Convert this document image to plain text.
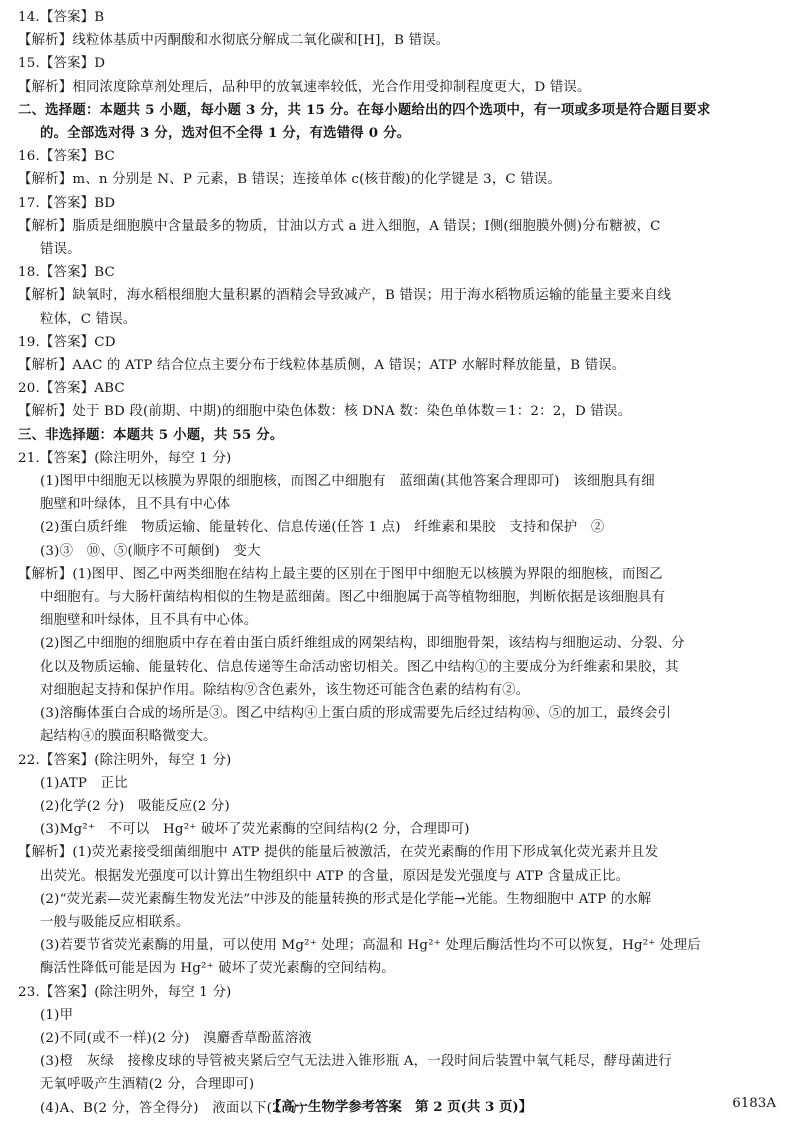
14.【答案】B
【解析】线粒体基质中丙酮酸和水彻底分解成二氧化碳和[H]，B 错误。
15.【答案】D
【解析】相同浓度除草剂处理后，品种甲的放氧速率较低，光合作用受抑制程度更大，D 错误。
二、选择题：本题共 5 小题，每小题 3 分，共 15 分。在每小题给出的四个选项中，有一项或多项是符合题目要求
的。全部选对得 3 分，选对但不全得 1 分，有选错得 0 分。
16.【答案】BC
【解析】m、n 分别是 N、P 元素，B 错误；连接单体 c(核苷酸)的化学键是 3，C 错误。
17.【答案】BD
【解析】脂质是细胞膜中含量最多的物质，甘油以方式 a 进入细胞，A 错误；Ⅰ侧(细胞膜外侧)分布糖被，C
错误。
18.【答案】BC
【解析】缺氧时，海水稻根细胞大量积累的酒精会导致减产，B 错误；用于海水稻物质运输的能量主要来自线
粒体，C 错误。
19.【答案】CD
【解析】AAC 的 ATP 结合位点主要分布于线粒体基质侧，A 错误；ATP 水解时释放能量，B 错误。
20.【答案】ABC
【解析】处于 BD 段(前期、中期)的细胞中染色体数：核 DNA 数：染色单体数＝1：2：2，D 错误。
三、非选择题：本题共 5 小题，共 55 分。
21.【答案】(除注明外，每空 1 分)
(1)图甲中细胞无以核膜为界限的细胞核，而图乙中细胞有　蓝细菌(其他答案合理即可)　该细胞具有细
胞壁和叶绿体，且不具有中心体
(2)蛋白质纤维　物质运输、能量转化、信息传递(任答 1 点)　纤维素和果胶　支持和保护　②
(3)③　⑩、⑤(顺序不可颠倒)　变大
【解析】(1)图甲、图乙中两类细胞在结构上最主要的区别在于图甲中细胞无以核膜为界限的细胞核，而图乙
中细胞有。与大肠杆菌结构相似的生物是蓝细菌。图乙中细胞属于高等植物细胞，判断依据是该细胞具有
细胞壁和叶绿体，且不具有中心体。
(2)图乙中细胞的细胞质中存在着由蛋白质纤维组成的网架结构，即细胞骨架，该结构与细胞运动、分裂、分
化以及物质运输、能量转化、信息传递等生命活动密切相关。图乙中结构①的主要成分为纤维素和果胶，其
对细胞起支持和保护作用。除结构⑨含色素外，该生物还可能含色素的结构有②。
(3)溶酶体蛋白合成的场所是③。图乙中结构④上蛋白质的形成需要先后经过结构⑩、⑤的加工，最终会引
起结构④的膜面积略微变大。
22.【答案】(除注明外，每空 1 分)
(1)ATP　正比
(2)化学(2 分)　吸能反应(2 分)
(3)Mg²⁺　不可以　Hg²⁺ 破坏了荧光素酶的空间结构(2 分，合理即可)
【解析】(1)荧光素接受细菌细胞中 ATP 提供的能量后被激活，在荧光素酶的作用下形成氧化荧光素并且发
出荧光。根据发光强度可以计算出生物组织中 ATP 的含量，原因是发光强度与 ATP 含量成正比。
(2)“荧光素—荧光素酶生物发光法”中涉及的能量转换的形式是化学能→光能。生物细胞中 ATP 的水解
一般与吸能反应相联系。
(3)若要节省荧光素酶的用量，可以使用 Mg²⁺ 处理；高温和 Hg²⁺ 处理后酶活性均不可以恢复，Hg²⁺ 处理后
酶活性降低可能是因为 Hg²⁺ 破坏了荧光素酶的空间结构。
23.【答案】(除注明外，每空 1 分)
(1)甲
(2)不同(或不一样)(2 分)　溴麝香草酚蓝溶液
(3)橙　灰绿　接橡皮球的导管被夹紧后空气无法进入锥形瓶 A，一段时间后装置中氧气耗尽，酵母菌进行
无氧呼吸产生酒精(2 分，合理即可)
(4)A、B(2 分，答全得分)　液面以下(2 分)
【高一生物学参考答案　第 2 页(共 3 页)】	6183A
